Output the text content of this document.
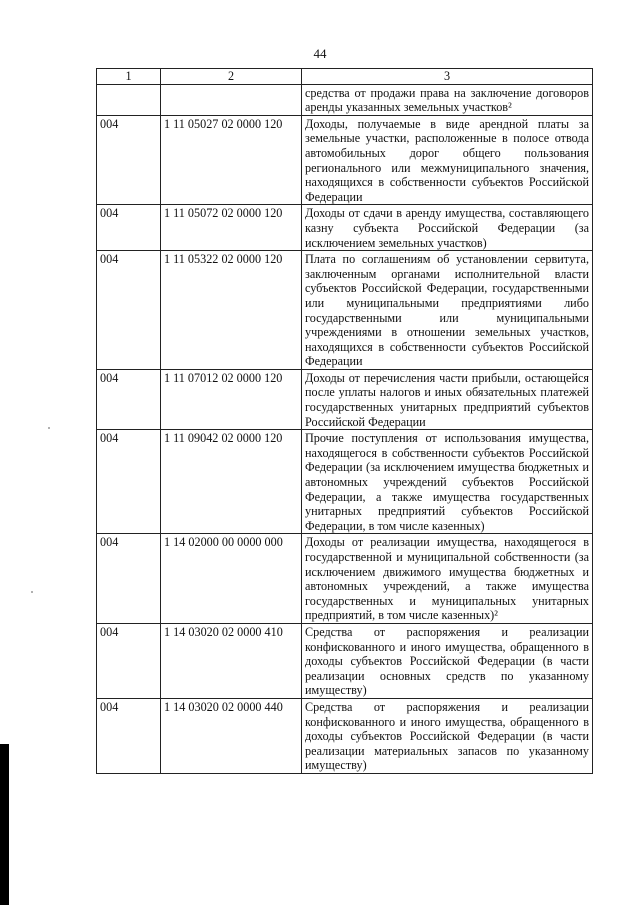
44
1	2	3
		средства от продажи права на заключение договоров аренды указанных земельных участков²
004	1 11 05027 02 0000 120	Доходы, получаемые в виде арендной платы за земельные участки, расположенные в полосе отвода автомобильных дорог общего пользования регионального или межмуниципального значения, находящихся в собственности субъектов Российской Федерации
004	1 11 05072 02 0000 120	Доходы от сдачи в аренду имущества, составляющего казну субъекта Российской Федерации (за исключением земельных участков)
004	1 11 05322 02 0000 120	Плата по соглашениям об установлении сервитута, заключенным органами исполнительной власти субъектов Российской Федерации, государственными или муниципальными предприятиями либо государственными или муниципальными учреждениями в отношении земельных участков, находящихся в собственности субъектов Российской Федерации
004	1 11 07012 02 0000 120	Доходы от перечисления части прибыли, остающейся после уплаты налогов и иных обязательных платежей государственных унитарных предприятий субъектов Российской Федерации
004	1 11 09042 02 0000 120	Прочие поступления от использования имущества, находящегося в собственности субъектов Российской Федерации (за исключением имущества бюджетных и автономных учреждений субъектов Российской Федерации, а также имущества государственных унитарных предприятий субъектов Российской Федерации, в том числе казенных)
004	1 14 02000 00 0000 000	Доходы от реализации имущества, находящегося в государственной и муниципальной собственности (за исключением движимого имущества бюджетных и автономных учреждений, а также имущества государственных и муниципальных унитарных предприятий, в том числе казенных)²
004	1 14 03020 02 0000 410	Средства от распоряжения и реализации конфискованного и иного имущества, обращенного в доходы субъектов Российской Федерации (в части реализации основных средств по указанному имуществу)
004	1 14 03020 02 0000 440	Средства от распоряжения и реализации конфискованного и иного имущества, обращенного в доходы субъектов Российской Федерации (в части реализации материальных запасов по указанному имуществу)
